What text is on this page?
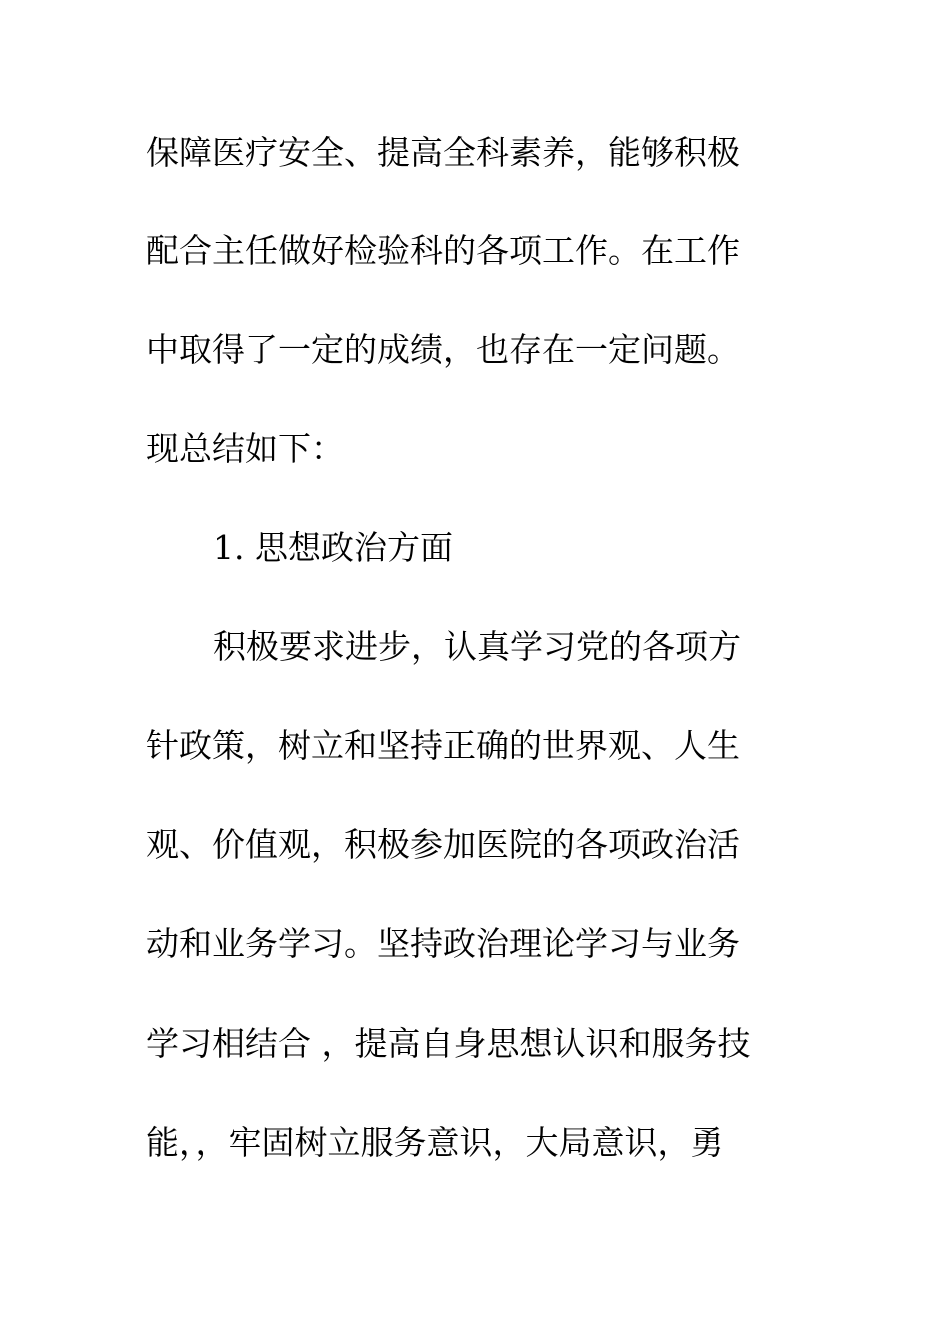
保障医疗安全、提高全科素养，能够积极
配合主任做好检验科的各项工作。在工作
中取得了一定的成绩，也存在一定问题。
现总结如下：
1. 思想政治方面
积极要求进步，认真学习党的各项方
针政策，树立和坚持正确的世界观、人生
观、价值观，积极参加医院的各项政治活
动和业务学习。坚持政治理论学习与业务
学习相结合 ，提高自身思想认识和服务技
能，，牢固树立服务意识，大局意识，勇
